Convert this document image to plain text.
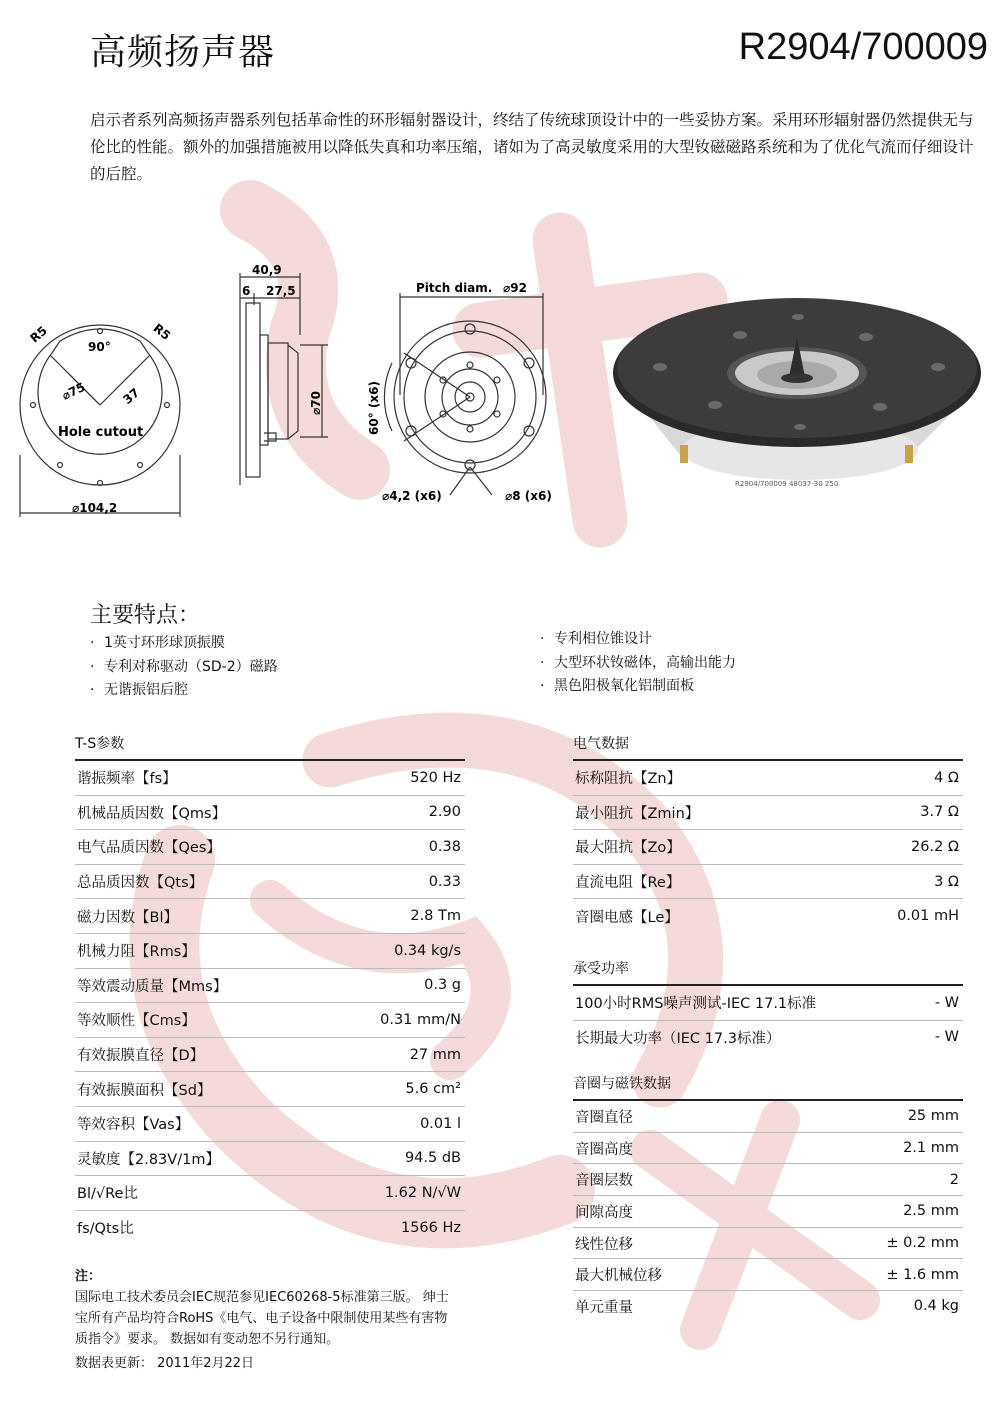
高频扬声器	R2904/700009
启示者系列高频扬声器系列包括革命性的环形辐射器设计，终结了传统球顶设计中的一些妥协方案。采用环形辐射器仍然提供无与伦比的性能。额外的加强措施被用以降低失真和功率压缩，诸如为了高灵敏度采用的大型钕磁磁路系统和为了优化气流而仔细设计的后腔。
R5	R5
90°
⌀75	37
Hole cutout
⌀104,2
40,9
6 27,5
⌀70
Pitch diam. ⌀92
60° (x6)
⌀4,2 (x6)	⌀8 (x6)
R2904/700009 48037-30 250
主要特点：
· 1英寸环形球顶振膜
· 专利对称驱动（SD-2）磁路
· 无谐振铝后腔
· 专利相位锥设计
· 大型环状钕磁体，高输出能力
· 黑色阳极氧化铝制面板
T-S参数
谐振频率【fs】	520 Hz
机械品质因数【Qms】	2.90
电气品质因数【Qes】	0.38
总品质因数【Qts】	0.33
磁力因数【Bl】	2.8 Tm
机械力阻【Rms】	0.34 kg/s
等效震动质量【Mms】	0.3 g
等效顺性【Cms】	0.31 mm/N
有效振膜直径【D】	27 mm
有效振膜面积【Sd】	5.6 cm²
等效容积【Vas】	0.01 l
灵敏度【2.83V/1m】	94.5 dB
Bl/√Re比	1.62 N/√W
fs/Qts比	1566 Hz
电气数据
标称阻抗【Zn】	4 Ω
最小阻抗【Zmin】	3.7 Ω
最大阻抗【Zo】	26.2 Ω
直流电阻【Re】	3 Ω
音圈电感【Le】	0.01 mH
承受功率
100小时RMS噪声测试-IEC 17.1标准	- W
长期最大功率（IEC 17.3标准）	- W
音圈与磁铁数据
音圈直径	25 mm
音圈高度	2.1 mm
音圈层数	2
间隙高度	2.5 mm
线性位移	± 0.2 mm
最大机械位移	± 1.6 mm
单元重量	0.4 kg
注：
国际电工技术委员会IEC规范参见IEC60268-5标准第三版。 绅士宝所有产品均符合RoHS《电气、电子设备中限制使用某些有害物质指令》要求。 数据如有变动恕不另行通知。
数据表更新： 2011年2月22日
